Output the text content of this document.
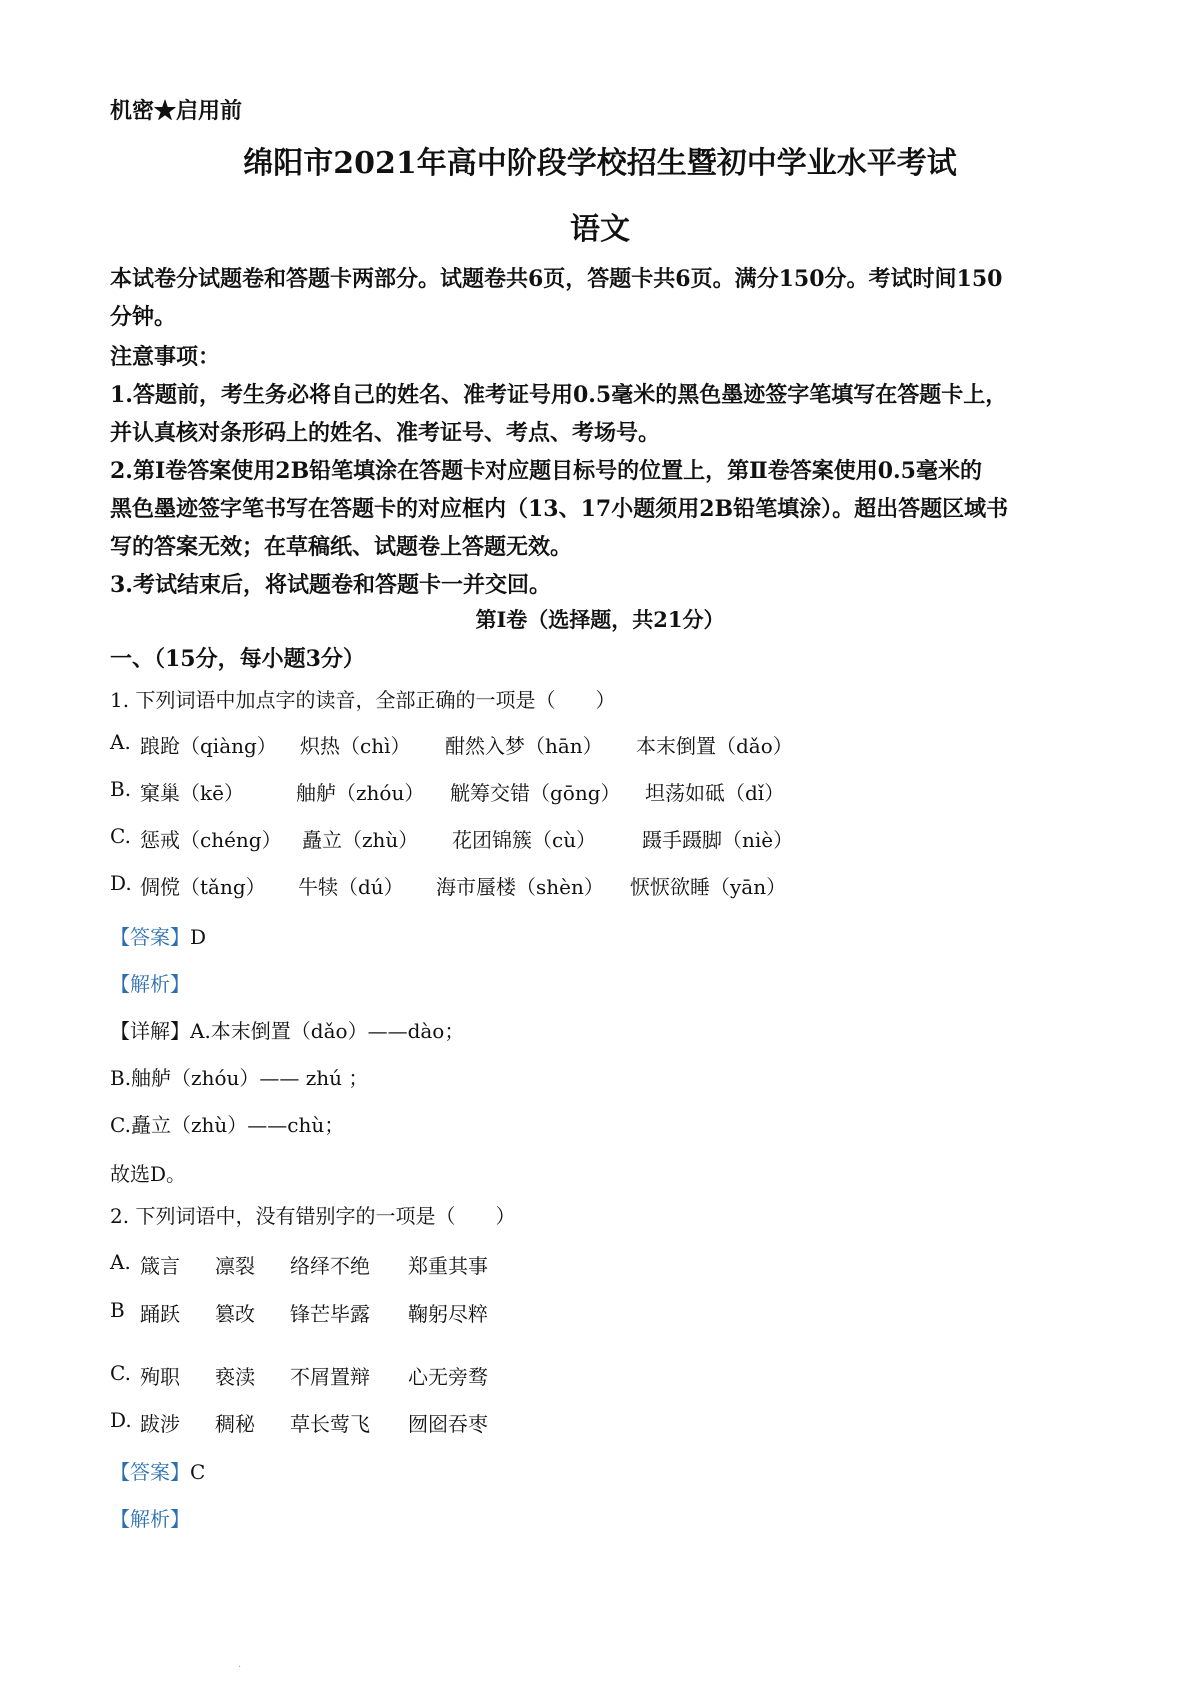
机密★启用前
绵阳市2021年高中阶段学校招生暨初中学业水平考试
语文
本试卷分试题卷和答题卡两部分。试题卷共6页，答题卡共6页。满分150分。考试时间150
分钟。
注意事项：
1.答题前，考生务必将自己的姓名、准考证号用0.5毫米的黑色墨迹签字笔填写在答题卡上，
并认真核对条形码上的姓名、准考证号、考点、考场号。
2.第Ⅰ卷答案使用2B铅笔填涂在答题卡对应题目标号的位置上，第Ⅱ卷答案使用0.5毫米的
黑色墨迹签字笔书写在答题卡的对应框内（13、17小题须用2B铅笔填涂）。超出答题区域书
写的答案无效；在草稿纸、试题卷上答题无效。
3.考试结束后，将试题卷和答题卡一并交回。
第Ⅰ卷（选择题，共21分）
一、（15分，每小题3分）
1. 下列词语中加点字的读音，全部正确的一项是（　　）
A. 踉跄（qiàng） 炽热（chì） 酣然入梦（hān） 本末倒置（dǎo）
B. 窠巢（kē）	舳舻（zhóu） 觥筹交错（gōng） 坦荡如砥（dǐ）
C. 惩戒（chéng） 矗立（zhù） 花团锦簇（cù） 蹑手蹑脚（niè）
D. 倜傥（tǎng） 牛犊（dú） 海市蜃楼（shèn） 恹恹欲睡（yān）
【答案】D
【解析】
【详解】A.本末倒置（dǎo）——dào；
B.舳舻（zhóu）—— zhú ；
C.矗立（zhù）——chù；
故选D。
2. 下列词语中，没有错别字的一项是（　　）
A. 箴言 凛裂 络绎不绝 郑重其事
B 踊跃 篡改 锋芒毕露 鞠躬尽粹
C. 殉职 亵渎 不屑置辩 心无旁骛
D. 跋涉 稠秘 草长莺飞 囫囵吞枣
【答案】C
【解析】
·
